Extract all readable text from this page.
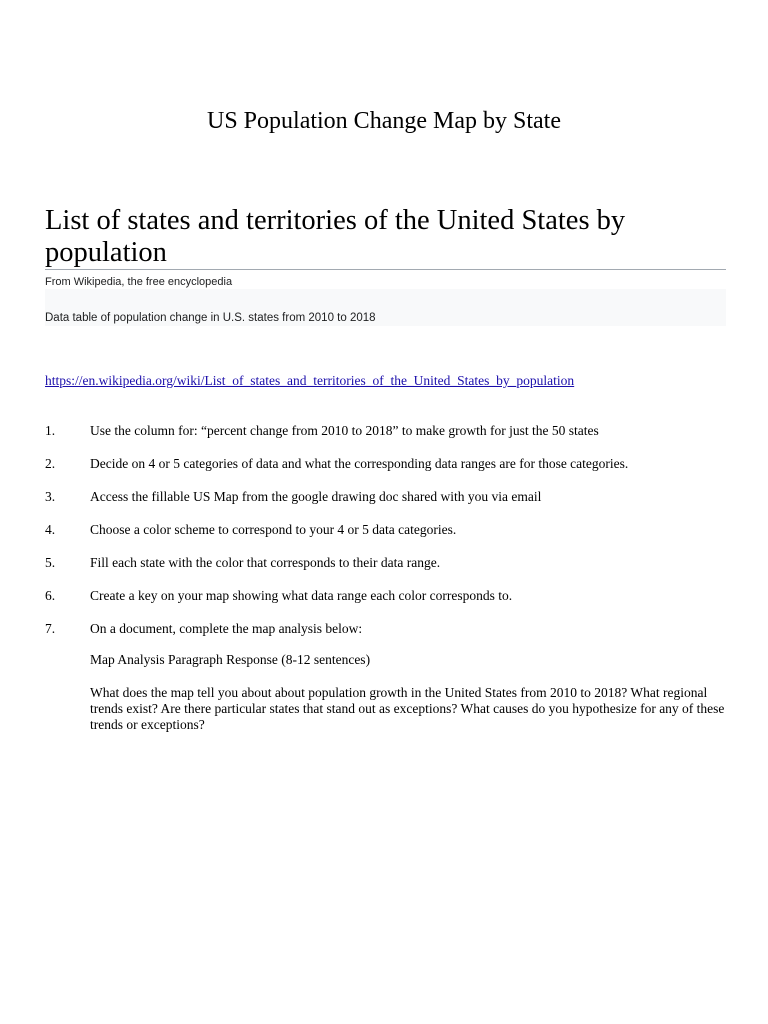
US Population Change Map by State
List of states and territories of the United States by population
From Wikipedia, the free encyclopedia
Data table of population change in U.S. states from 2010 to 2018
https://en.wikipedia.org/wiki/List_of_states_and_territories_of_the_United_States_by_population
1.	Use the column for: “percent change from 2010 to 2018” to make growth for just the 50 states
2.	Decide on 4 or 5 categories of data and what the corresponding data ranges are for those categories.
3.	Access the fillable US Map from the google drawing doc shared with you via email
4.	Choose a color scheme to correspond to your 4 or 5 data categories.
5.	Fill each state with the color that corresponds to their data range.
6.	Create a key on your map showing what data range each color corresponds to.
7.	On a document, complete the map analysis below:
Map Analysis Paragraph Response (8-12 sentences)
What does the map tell you about about population growth in the United States from 2010 to 2018? What regional trends exist? Are there particular states that stand out as exceptions? What causes do you hypothesize for any of these trends or exceptions?
